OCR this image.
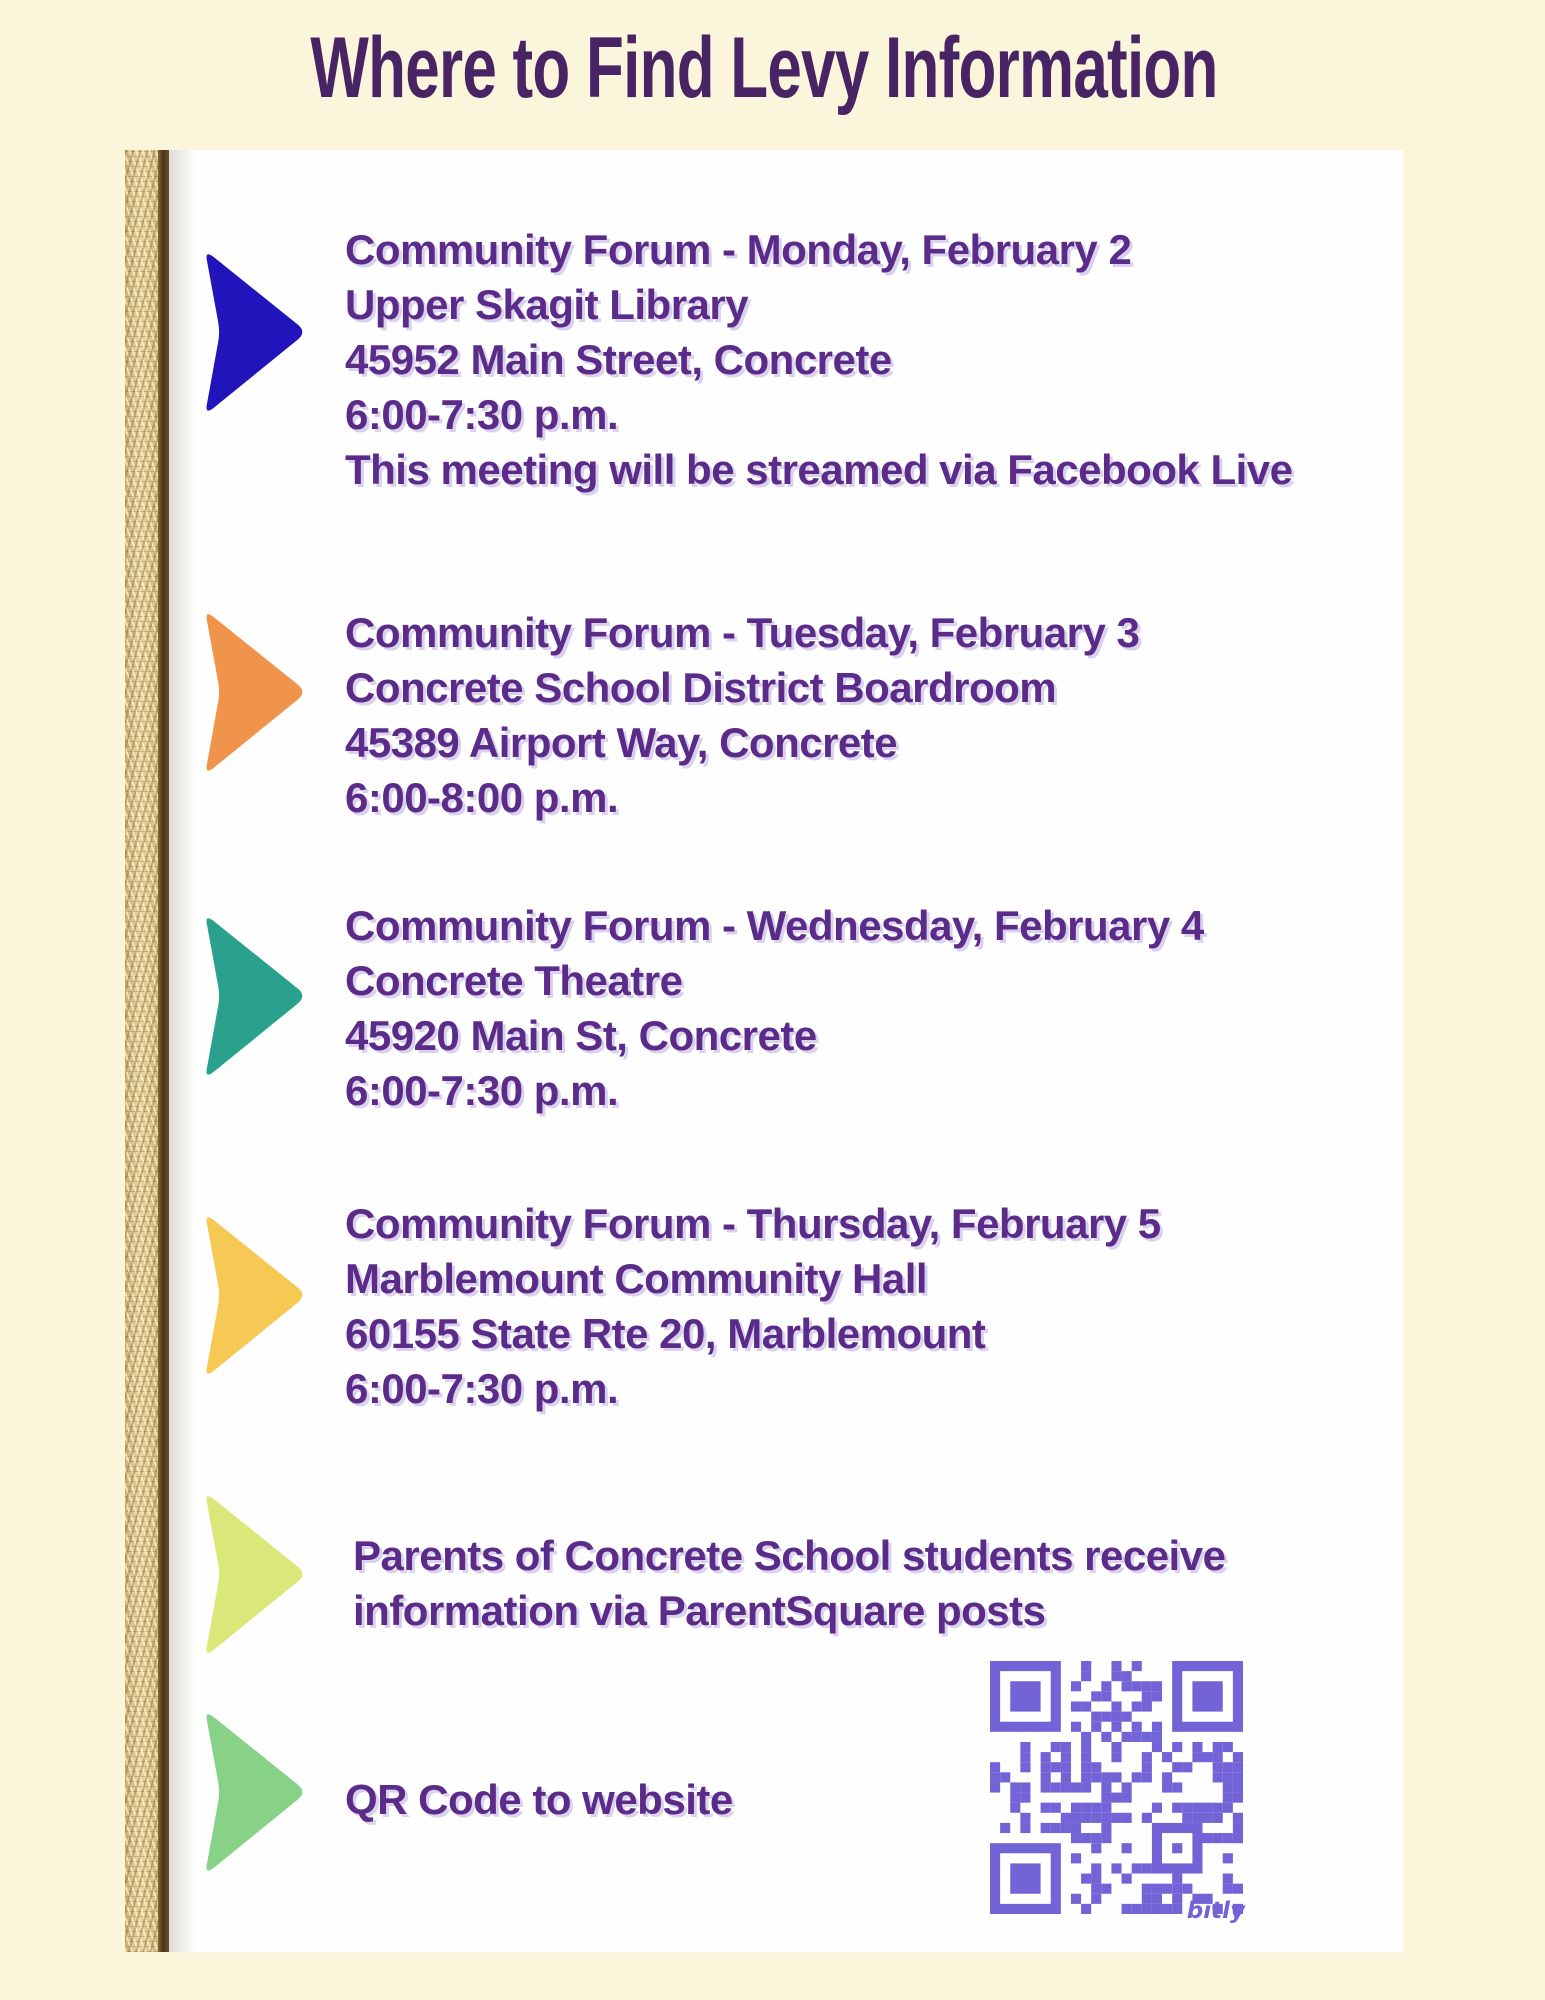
Where to Find Levy Information
Community Forum - Monday, February 2
Upper Skagit Library
45952 Main Street, Concrete
6:00-7:30 p.m.
This meeting will be streamed via Facebook Live
Community Forum - Tuesday, February 3
Concrete School District Boardroom
45389 Airport Way, Concrete
6:00-8:00 p.m.
Community Forum - Wednesday, February 4
Concrete Theatre
45920 Main St, Concrete
6:00-7:30 p.m.
Community Forum - Thursday, February 5
Marblemount Community Hall
60155 State Rte 20, Marblemount
6:00-7:30 p.m.
Parents of Concrete School students receive
information via ParentSquare posts
QR Code to website
bitly
